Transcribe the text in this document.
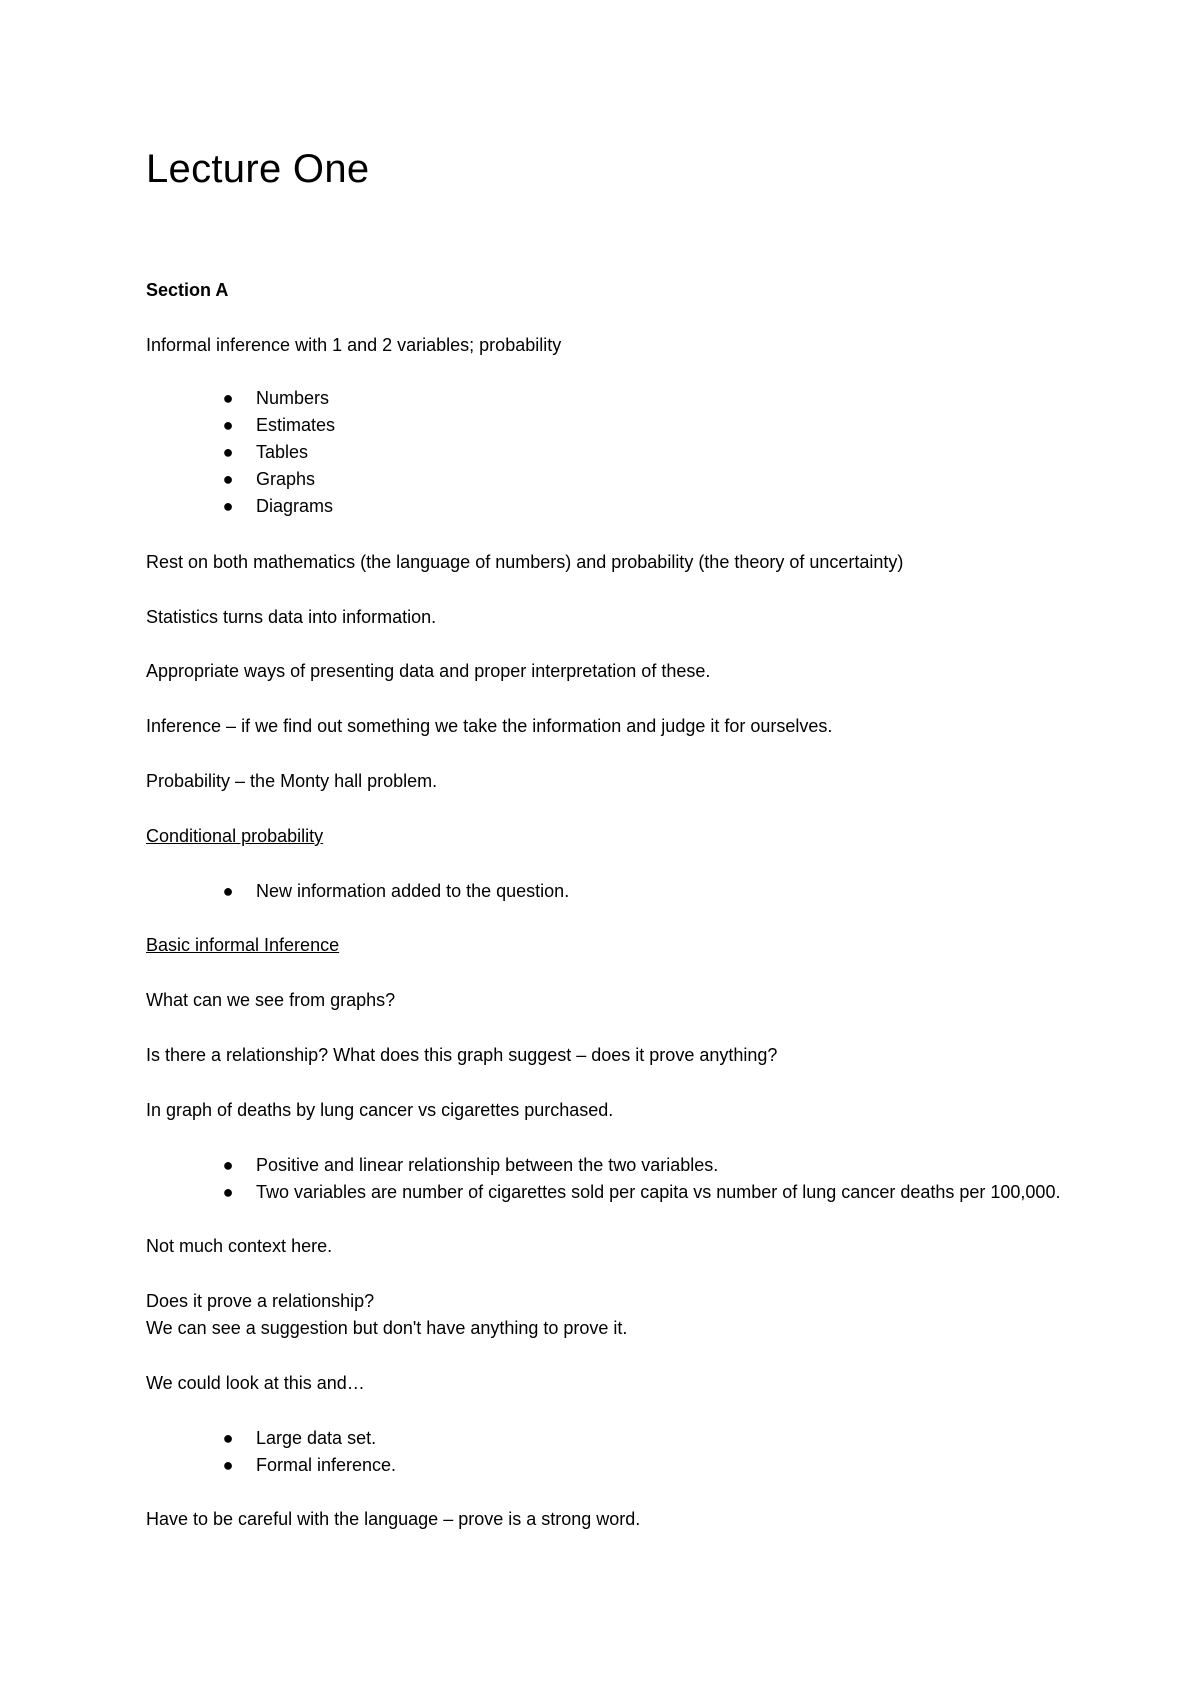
Lecture One
Section A
Informal inference with 1 and 2 variables; probability
● Numbers
● Estimates
● Tables
● Graphs
● Diagrams
Rest on both mathematics (the language of numbers) and probability (the theory of uncertainty)
Statistics turns data into information.
Appropriate ways of presenting data and proper interpretation of these.
Inference – if we find out something we take the information and judge it for ourselves.
Probability – the Monty hall problem.
Conditional probability
● New information added to the question.
Basic informal Inference
What can we see from graphs?
Is there a relationship? What does this graph suggest – does it prove anything?
In graph of deaths by lung cancer vs cigarettes purchased.
● Positive and linear relationship between the two variables.
● Two variables are number of cigarettes sold per capita vs number of lung cancer deaths per 100,000.
Not much context here.
Does it prove a relationship?
We can see a suggestion but don't have anything to prove it.
We could look at this and…
● Large data set.
● Formal inference.
Have to be careful with the language – prove is a strong word.
